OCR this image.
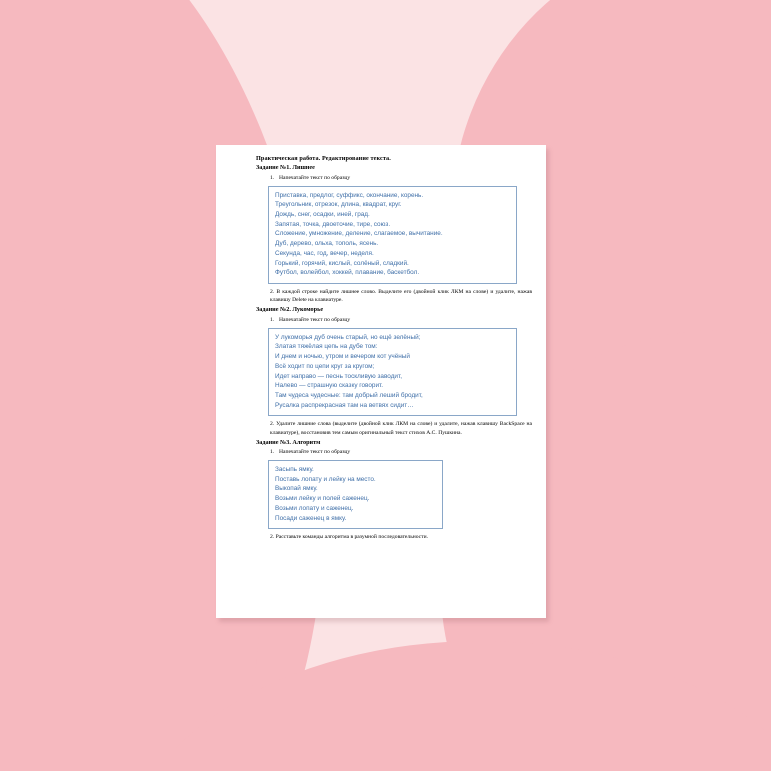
Практическая работа. Редактирование текста.
Задание №1. Лишнее
1. Напечатайте текст по образцу

Приставка, предлог, суффикс, окончание, корень.

Треугольник, отрезок, длина, квадрат, круг.

Дождь, снег, осадки, иней, град.

Запятая, точка, двоеточие, тире, союз.

Сложение, умножение, деление, слагаемое, вычитание.

Дуб, дерево, ольха, тополь, ясень.

Секунда, час, год, вечер, неделя.

Горький, горячий, кислый, солёный, сладкий.

Футбол, волейбол, хоккей, плавание, баскетбол.

2. В каждой строке найдите лишнее слово. Выделите его (двойной клик ЛКМ на слове) и удалите, нажав клавишу Delete на клавиатуре.
Задание №2. Лукоморье
1. Напечатайте текст по образцу

У лукоморья дуб очень старый, но ещё зелёный;

Златая тяжёлая цепь на дубе том:

И днем и ночью, утром и вечером кот учёный

Всё ходит по цепи круг за кругом;

Идет направо — песнь тоскливую заводит,

Налево — страшную сказку говорит.

Там чудеса чудесные: там добрый леший бродит,

Русалка распрекрасная там на ветвях сидит…

2. Удалите лишние слова (выделите (двойной клик ЛКМ на слове) и удалите, нажав клавишу BackSpace на клавиатуре), восстановив тем самым оригинальный текст стихов А.С. Пушкина.
Задание №3. Алгоритм
1. Напечатайте текст по образцу

Засыпь ямку.

Поставь лопату и лейку на место.

Выкопай ямку.

Возьми лейку и полей саженец.

Возьми лопату и саженец.

Посади саженец в ямку.

2. Расставьте команды алгоритма в разумной последовательности.
